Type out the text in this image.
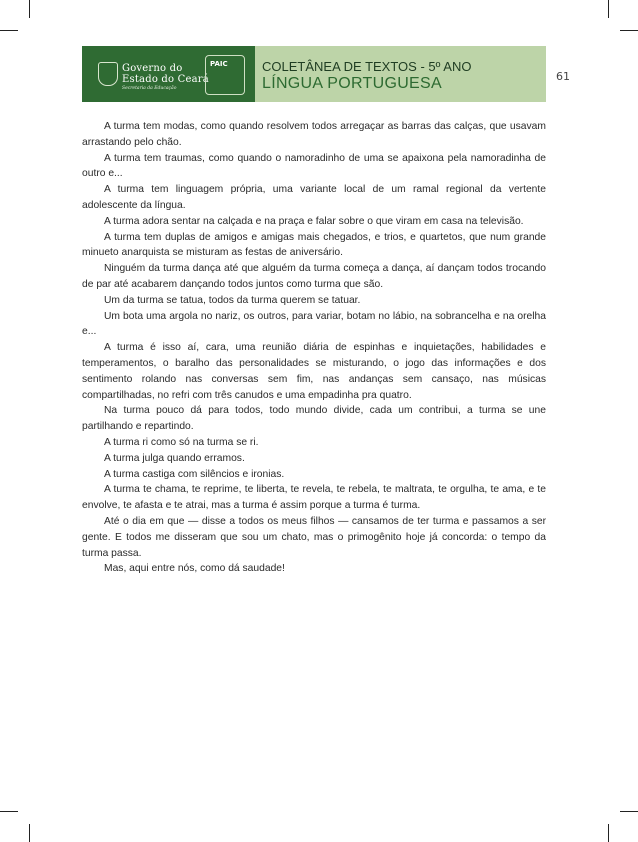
Governo do
Estado do Ceará
Secretaria da Educação
PAIC	COLETÂNEA DE TEXTOS - 5º ANO
LÍNGUA PORTUGUESA	61

A turma tem modas, como quando resolvem todos arregaçar as barras das calças, que usavam arrastando pelo chão.

A turma tem traumas, como quando o namoradinho de uma se apaixona pela namoradinha de outro e...

A turma tem linguagem própria, uma variante local de um ramal regional da vertente adolescente da língua.

A turma adora sentar na calçada e na praça e falar sobre o que viram em casa na televisão.

A turma tem duplas de amigos e amigas mais chegados, e trios, e quartetos, que num grande minueto anarquista se misturam as festas de aniversário.

Ninguém da turma dança até que alguém da turma começa a dança, aí dançam todos trocando de par até acabarem dançando todos juntos como turma que são.

Um da turma se tatua, todos da turma querem se tatuar.

Um bota uma argola no nariz, os outros, para variar, botam no lábio, na sobrancelha e na orelha e...

A turma é isso aí, cara, uma reunião diária de espinhas e inquietações, habilidades e temperamentos, o baralho das personalidades se misturando, o jogo das informações e dos sentimento rolando nas conversas sem fim, nas andanças sem cansaço, nas músicas compartilhadas, no refri com três canudos e uma empadinha pra quatro.

Na turma pouco dá para todos, todo mundo divide, cada um contribui, a turma se une partilhando e repartindo.

A turma ri como só na turma se ri.

A turma julga quando erramos.

A turma castiga com silêncios e ironias.

A turma te chama, te reprime, te liberta, te revela, te rebela, te maltrata, te orgulha, te ama, e te envolve, te afasta e te atrai, mas a turma é assim porque a turma é turma.

Até o dia em que — disse a todos os meus filhos — cansamos de ter turma e passamos a ser gente. E todos me disseram que sou um chato, mas o primogênito hoje já concorda: o tempo da turma passa.

Mas, aqui entre nós, como dá saudade!
